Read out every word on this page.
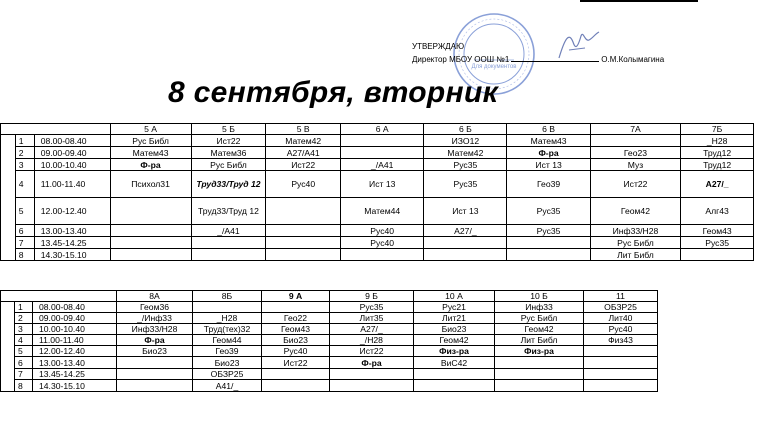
Для документов
УТВЕРЖДАЮ
Директор МБОУ ООШ №1	О.М.Колымагина
8 сентября, вторник
			5 А	5 Б	5 В	6 А	6 Б	6 В	7А	7Б
	1	08.00-08.40	Рус Библ	Ист22	Матем42		ИЗО12	Матем43		_Н28
	2	09.00-09.40	Матем43	Матем36	А27/А41		Матем42	Ф-ра	Гео23	Труд12
	3	10.00-10.40	Ф-ра	Рус Библ	Ист22	_/А41	Рус35	Ист 13	Муз	Труд12
	4	11.00-11.40	Психол31	Труд33/Труд 12	Рус40	Ист 13	Рус35	Гео39	Ист22	А27/_
	5	12.00-12.40		Труд33/Труд 12		Матем44	Ист 13	Рус35	Геом42	Алг43
	6	13.00-13.40		_/А41		Рус40	А27/_	Рус35	Инф33/Н28	Геом43
	7	13.45-14.25				Рус40			Рус Библ	Рус35
	8	14.30-15.10							Лит Библ	
			8А	8Б	9 А	9 Б	10 А	10 Б	11
	1	08.00-08.40	Геом36			Рус35	Рус21	Инф33	ОБЗР25
	2	09.00-09.40	_/Инф33	_Н28	Гео22	Лит35	Лит21	Рус Библ	Лит40
	3	10.00-10.40	Инф33/Н28	Труд(тех)32	Геом43	А27/_	Био23	Геом42	Рус40
	4	11.00-11.40	Ф-ра	Геом44	Био23	_/Н28	Геом42	Лит Библ	Физ43
	5	12.00-12.40	Био23	Гео39	Рус40	Ист22	Физ-ра	Физ-ра	
	6	13.00-13.40		Био23	Ист22	Ф-ра	ВиС42		
	7	13.45-14.25		ОБЗР25					
	8	14.30-15.10		А41/_					
